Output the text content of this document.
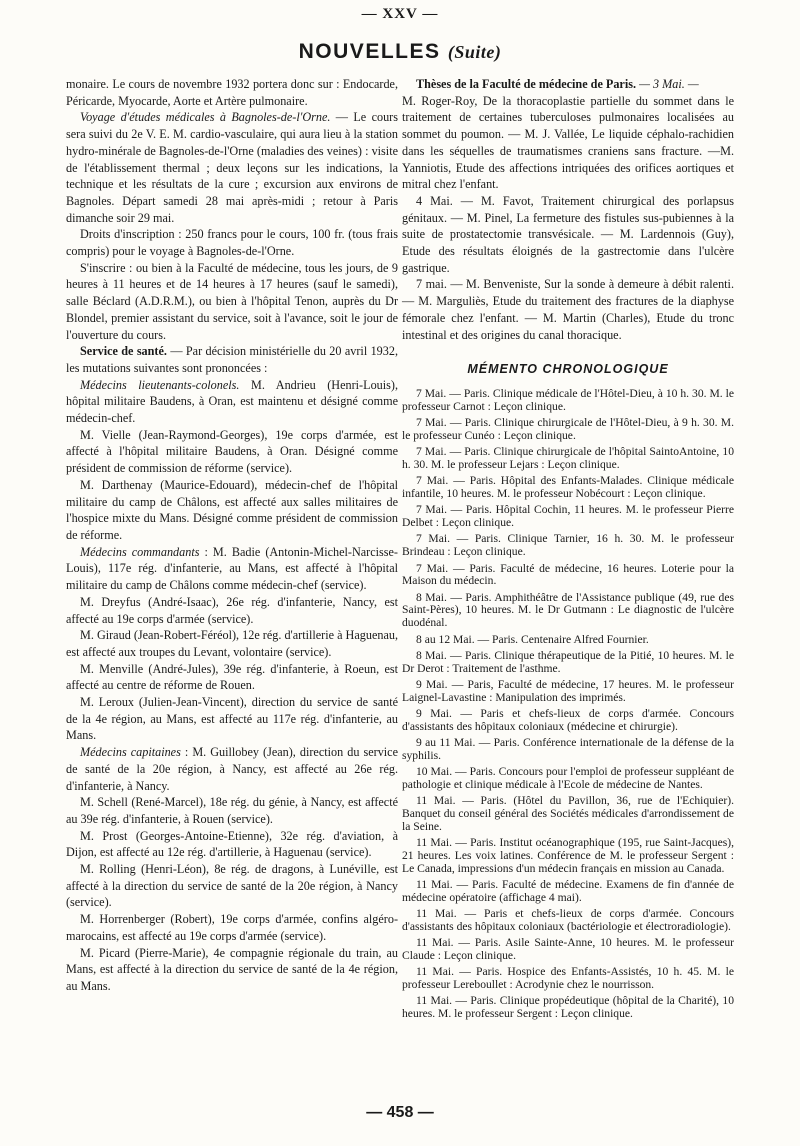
— XXV —
NOUVELLES (Suite)

monaire. Le cours de novembre 1932 portera donc sur : Endocarde, Péricarde, Myocarde, Aorte et Artère pulmonaire.

Voyage d'études médicales à Bagnoles-de-l'Orne. — Le cours sera suivi du 2e V. E. M. cardio-vasculaire, qui aura lieu à la station hydro-minérale de Bagnoles-de-l'Orne (maladies des veines) : visite de l'établissement thermal ; deux leçons sur les indications, la technique et les résultats de la cure ; excursion aux environs de Bagnoles. Départ samedi 28 mai après-midi ; retour à Paris dimanche soir 29 mai.

Droits d'inscription : 250 francs pour le cours, 100 fr. (tous frais compris) pour le voyage à Bagnoles-de-l'Orne.

S'inscrire : ou bien à la Faculté de médecine, tous les jours, de 9 heures à 11 heures et de 14 heures à 17 heures (sauf le samedi), salle Béclard (A.D.R.M.), ou bien à l'hôpital Tenon, auprès du Dr Blondel, premier assistant du service, soit à l'avance, soit le jour de l'ouverture du cours.

Service de santé. — Par décision ministérielle du 20 avril 1932, les mutations suivantes sont prononcées :

Médecins lieutenants-colonels. M. Andrieu (Henri-Louis), hôpital militaire Baudens, à Oran, est maintenu et désigné comme médecin-chef.

M. Vielle (Jean-Raymond-Georges), 19e corps d'armée, est affecté à l'hôpital militaire Baudens, à Oran. Désigné comme président de commission de réforme (service).

M. Darthenay (Maurice-Edouard), médecin-chef de l'hôpital militaire du camp de Châlons, est affecté aux salles militaires de l'hospice mixte du Mans. Désigné comme président de commission de réforme.

Médecins commandants : M. Badie (Antonin-Michel-Narcisse-Louis), 117e rég. d'infanterie, au Mans, est affecté à l'hôpital militaire du camp de Châlons comme médecin-chef (service).

M. Dreyfus (André-Isaac), 26e rég. d'infanterie, Nancy, est affecté au 19e corps d'armée (service).

M. Giraud (Jean-Robert-Féréol), 12e rég. d'artillerie à Haguenau, est affecté aux troupes du Levant, volontaire (service).

M. Menville (André-Jules), 39e rég. d'infanterie, à Roeun, est affecté au centre de réforme de Rouen.

M. Leroux (Julien-Jean-Vincent), direction du service de santé de la 4e région, au Mans, est affecté au 117e rég. d'infanterie, au Mans.

Médecins capitaines : M. Guillobey (Jean), direction du service de santé de la 20e région, à Nancy, est affecté au 26e rég. d'infanterie, à Nancy.

M. Schell (René-Marcel), 18e rég. du génie, à Nancy, est affecté au 39e rég. d'infanterie, à Rouen (service).

M. Prost (Georges-Antoine-Etienne), 32e rég. d'aviation, à Dijon, est affecté au 12e rég. d'artillerie, à Haguenau (service).

M. Rolling (Henri-Léon), 8e rég. de dragons, à Lunéville, est affecté à la direction du service de santé de la 20e région, à Nancy (service).

M. Horrenberger (Robert), 19e corps d'armée, confins algéro-marocains, est affecté au 19e corps d'armée (service).

M. Picard (Pierre-Marie), 4e compagnie régionale du train, au Mans, est affecté à la direction du service de santé de la 4e région, au Mans.

Thèses de la Faculté de médecine de Paris. — 3 Mai. —

M. Roger-Roy, De la thoracoplastie partielle du sommet dans le traitement de certaines tuberculoses pulmonaires localisées au sommet du poumon. — M. J. Vallée, Le liquide céphalo-rachidien dans les séquelles de traumatismes craniens sans fracture. —M. Yanniotis, Etude des affections intriquées des orifices aortiques et mitral chez l'enfant.

4 Mai. — M. Favot, Traitement chirurgical des porlapsus génitaux. — M. Pinel, La fermeture des fistules sus-pubiennes à la suite de prostatectomie transvésicale. — M. Lardennois (Guy), Etude des résultats éloignés de la gastrectomie dans l'ulcère gastrique.

7 mai. — M. Benveniste, Sur la sonde à demeure à débit ralenti. — M. Marguliès, Etude du traitement des fractures de la diaphyse fémorale chez l'enfant. — M. Martin (Charles), Etude du tronc intestinal et des origines du canal thoracique.

MÉMENTO CHRONOLOGIQUE

7 Mai. — Paris. Clinique médicale de l'Hôtel-Dieu, à 10 h. 30. M. le professeur Carnot : Leçon clinique.

7 Mai. — Paris. Clinique chirurgicale de l'Hôtel-Dieu, à 9 h. 30. M. le professeur Cunéo : Leçon clinique.

7 Mai. — Paris. Clinique chirurgicale de l'hôpital SaintoAntoine, 10 h. 30. M. le professeur Lejars : Leçon clinique.

7 Mai. — Paris. Hôpital des Enfants-Malades. Clinique médicale infantile, 10 heures. M. le professeur Nobécourt : Leçon clinique.

7 Mai. — Paris. Hôpital Cochin, 11 heures. M. le professeur Pierre Delbet : Leçon clinique.

7 Mai. — Paris. Clinique Tarnier, 16 h. 30. M. le professeur Brindeau : Leçon clinique.

7 Mai. — Paris. Faculté de médecine, 16 heures. Loterie pour la Maison du médecin.

8 Mai. — Paris. Amphithéâtre de l'Assistance publique (49, rue des Saint-Pères), 10 heures. M. le Dr Gutmann : Le diagnostic de l'ulcère duodénal.

8 au 12 Mai. — Paris. Centenaire Alfred Fournier.

8 Mai. — Paris. Clinique thérapeutique de la Pitié, 10 heures. M. le Dr Derot : Traitement de l'asthme.

9 Mai. — Paris, Faculté de médecine, 17 heures. M. le professeur Laignel-Lavastine : Manipulation des imprimés.

9 Mai. — Paris et chefs-lieux de corps d'armée. Concours d'assistants des hôpitaux coloniaux (médecine et chirurgie).

9 au 11 Mai. — Paris. Conférence internationale de la défense de la syphilis.

10 Mai. — Paris. Concours pour l'emploi de professeur suppléant de pathologie et clinique médicale à l'Ecole de médecine de Nantes.

11 Mai. — Paris. (Hôtel du Pavillon, 36, rue de l'Echiquier). Banquet du conseil général des Sociétés médicales d'arrondissement de la Seine.

11 Mai. — Paris. Institut océanographique (195, rue Saint-Jacques), 21 heures. Les voix latines. Conférence de M. le professeur Sergent : Le Canada, impressions d'un médecin français en mission au Canada.

11 Mai. — Paris. Faculté de médecine. Examens de fin d'année de médecine opératoire (affichage 4 mai).

11 Mai. — Paris et chefs-lieux de corps d'armée. Concours d'assistants des hôpitaux coloniaux (bactériologie et électroradiologie).

11 Mai. — Paris. Asile Sainte-Anne, 10 heures. M. le professeur Claude : Leçon clinique.

11 Mai. — Paris. Hospice des Enfants-Assistés, 10 h. 45. M. le professeur Lereboullet : Acrodynie chez le nourrisson.

11 Mai. — Paris. Clinique propédeutique (hôpital de la Charité), 10 heures. M. le professeur Sergent : Leçon clinique.

— 458 —
